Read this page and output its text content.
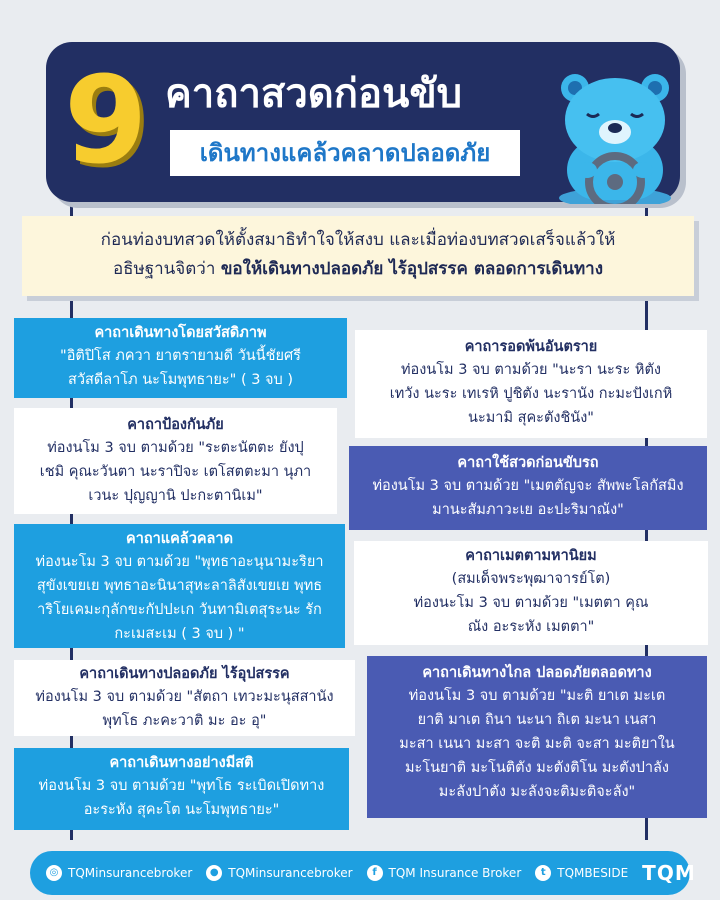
9 คาถาสวดก่อนขับ
เดินทางแคล้วคลาดปลอดภัย

ก่อนท่องบทสวดให้ตั้งสมาธิทำใจให้สงบ และเมื่อท่องบทสวดเสร็จแล้วให้

อธิษฐานจิตว่า ขอให้เดินทางปลอดภัย ไร้อุปสรรค ตลอดการเดินทาง

คาถาเดินทางโดยสวัสดิภาพ
"อิติปิโส ภควา ยาตรายามดี วันนี้ชัยศรี
สวัสดีลาโภ นะโมพุทธายะ" ( 3 จบ )
คาถาป้องกันภัย
ท่องนโม 3 จบ ตามด้วย "ระตะนัตตะ ยังปุ
เชมิ คุณะวันตา นะราปิจะ เตโสตตะมา นุภา
เวนะ ปุญญานิ ปะกะตานิเม"
คาถาแคล้วคลาด
ท่องนะโม 3 จบ ตามด้วย "พุทธาอะนุนามะริยา
สุขังเขยเย พุทธาอะนินาสุหะลาลิสังเขยเย พุทธ
าริโยเคมะกุลักขะกัปปะเก วันทามิเตสุระนะ รัก
กะเมสะเม ( 3 จบ ) "
คาถาเดินทางปลอดภัย ไร้อุปสรรค
ท่องนโม 3 จบ ตามด้วย "สัตถา เทวะมะนุสสานัง
พุทโธ ภะคะวาติ มะ อะ อุ"
คาถาเดินทางอย่างมีสติ
ท่องนโม 3 จบ ตามด้วย "พุทโธ ระเบิดเปิดทาง
อะระหัง สุคะโต นะโมพุทธายะ"
คาถารอดพ้นอันตราย
ท่องนโม 3 จบ ตามด้วย "นะรา นะระ หิตัง
เทวัง นะระ เทเรหิ ปูชิตัง นะรานัง กะมะปังเกหิ
นะมามิ สุคะตังชินัง"
คาถาใช้สวดก่อนขับรถ
ท่องนโม 3 จบ ตามด้วย "เมตตัญจะ สัพพะโลกัสมิง
มานะสัมภาวะเย อะปะริมาณัง"
คาถาเมตตามหานิยม
(สมเด็จพระพุฒาจารย์โต)
ท่องนะโม 3 จบ ตามด้วย "เมตตา คุณ
ณัง อะระหัง เมตตา"
คาถาเดินทางไกล ปลอดภัยตลอดทาง
ท่องนโม 3 จบ ตามด้วย "มะติ ยาเต มะเต
ยาติ มาเต ถินา นะนา ถิเต มะนา เนสา
มะสา เนนา มะสา จะติ มะติ จะสา มะติยาใน
มะโนยาติ มะโนติตัง มะตังติโน มะตังปาลัง
มะลังปาตัง มะลังจะติมะติจะลัง"
◎ TQMinsurancebroker	● TQMinsurancebroker	f TQM Insurance Broker	t TQMBESIDE TQM
